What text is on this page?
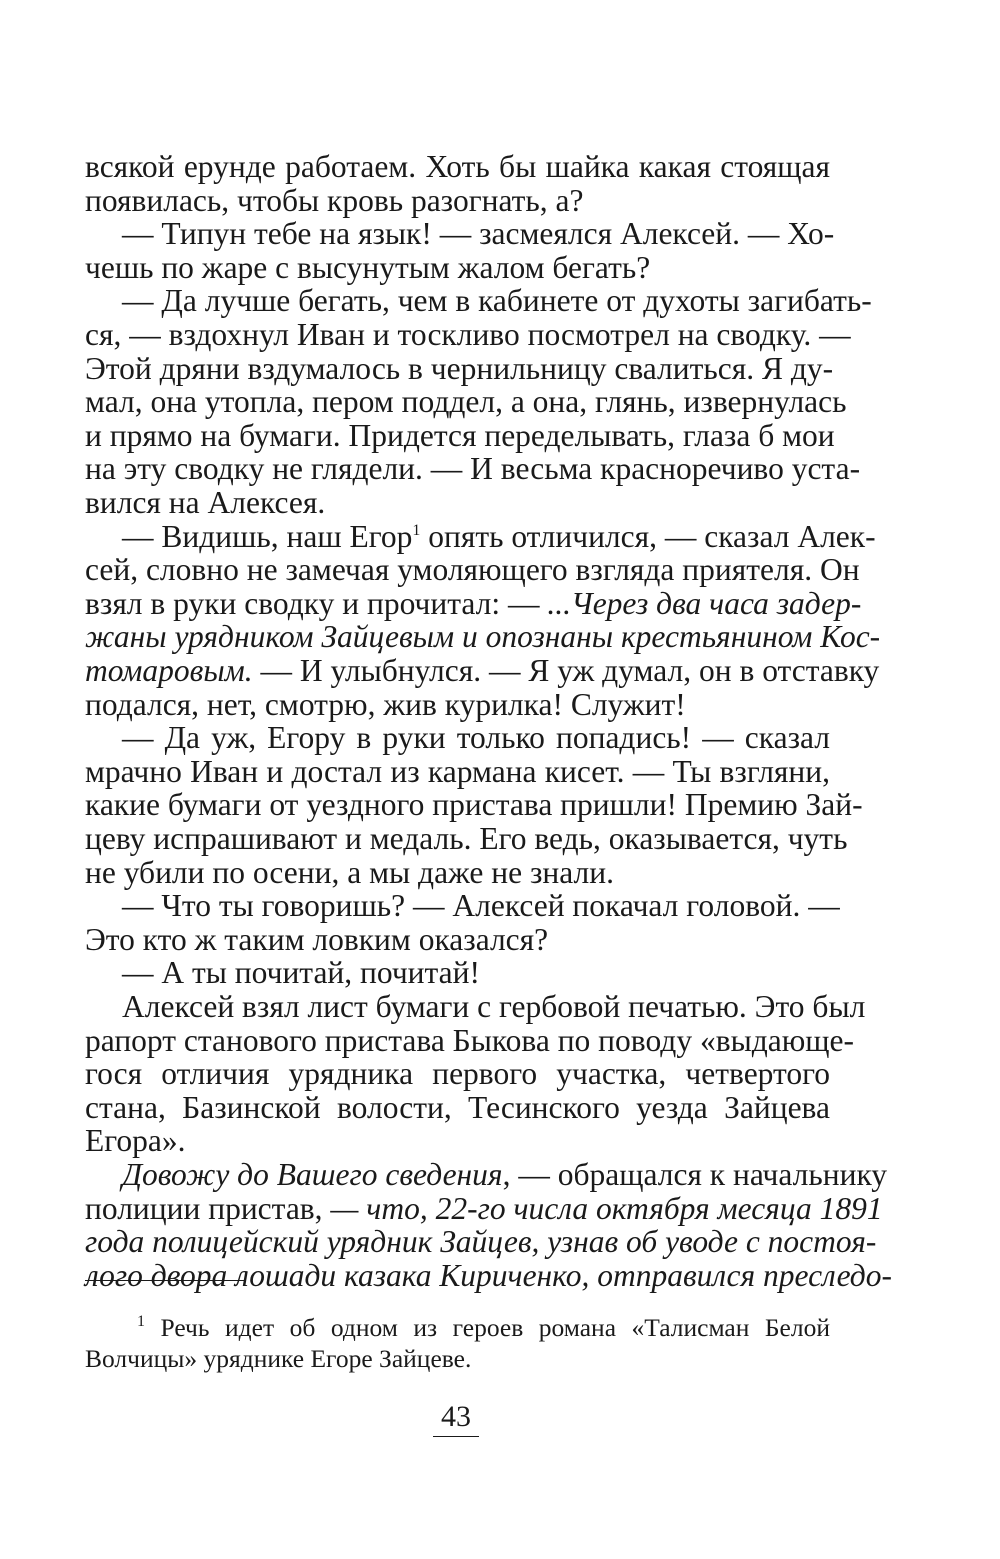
всякой ерунде работаем. Хоть бы шайка какая стоящая
появилась, чтобы кровь разогнать, а?
— Типун тебе на язык! — засмеялся Алексей. — Хо-
чешь по жаре с высунутым жалом бегать?
— Да лучше бегать, чем в кабинете от духоты загибать-
ся, — вздохнул Иван и тоскливо посмотрел на сводку. —
Этой дряни вздумалось в чернильницу свалиться. Я ду-
мал, она утопла, пером поддел, а она, глянь, извернулась
и прямо на бумаги. Придется переделывать, глаза б мои
на эту сводку не глядели. — И весьма красноречиво уста-
вился на Алексея.
— Видишь, наш Егор$^1$ опять отличился, — сказал Алек-
сей, словно не замечая умоляющего взгляда приятеля. Он
взял в руки сводку и прочитал: — ...Через два часа задер-
жаны урядником Зайцевым и опознаны крестьянином Кос-
томаровым. — И улыбнулся. — Я уж думал, он в отставку
подался, нет, смотрю, жив курилка! Служит!
— Да уж, Егору в руки только попадись! — сказал
мрачно Иван и достал из кармана кисет. — Ты взгляни,
какие бумаги от уездного пристава пришли! Премию Зай-
цеву испрашивают и медаль. Его ведь, оказывается, чуть
не убили по осени, а мы даже не знали.
— Что ты говоришь? — Алексей покачал головой. —
Это кто ж таким ловким оказался?
— А ты почитай, почитай!
Алексей взял лист бумаги с гербовой печатью. Это был
рапорт станового пристава Быкова по поводу «выдающе-
гося отличия урядника первого участка, четвертого
стана, Базинской волости, Тесинского уезда Зайцева
Егора».
Довожу до Вашего сведения, — обращался к начальнику
полиции пристав, — что, 22-го числа октября месяца 1891
года полицейский урядник Зайцев, узнав об уводе с постоя-
лого двора лошади казака Кириченко, отправился преследо-
$^1$ Речь идет об одном из героев романа «Талисман Белой
Волчицы» уряднике Егоре Зайцеве.
43
